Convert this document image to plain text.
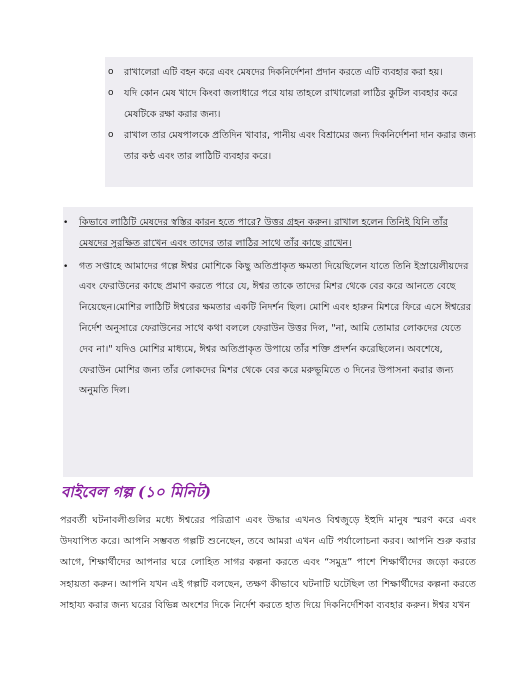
o রাখালেরা এটি বহন করে এবং মেষদের দিকনির্দেশনা প্রদান করতে এটি ব্যবহার করা হয়।
o যদি কোন মেষ খাদে কিংবা জলাধারে পরে যায় তাহলে রাখালেরা লাঠির কুটিল ব্যবহার করে মেষটিকে রক্ষা করার জন্য।
o রাখাল তার মেষপালকে প্রতিদিন খাবার, পানীয় এবং বিশ্রামের জন্য দিকনির্দেশনা দান করার জন্য তার কণ্ঠ এবং তার লাঠিটি ব্যবহার করে।
• কিভাবে লাঠিটি মেষদের স্বস্তির কারন হতে পারে? উত্তর গ্রহন করুন। রাখাল হলেন তিনিই যিনি তাঁর মেষদের সুরক্ষিত রাখেন এবং তাদের তার লাঠির সাথে তাঁর কাছে রাখেন।
• গত সপ্তাহে আমাদের গল্পে ঈশ্বর মোশিকে কিছু অতিপ্রাকৃত ক্ষমতা দিয়েছিলেন যাতে তিনি ইস্রায়েলীয়দের এবং ফেরাউনের কাছে প্রমাণ করতে পারে যে, ঈশ্বর তাকে তাদের মিশর থেকে বের করে আনতে বেছে নিয়েছেন।মোশির লাঠিটি ঈশ্বরের ক্ষমতার একটি নিদর্শন ছিল। মোশি এবং হারুন মিশরে ফিরে এসে ঈশ্বরের নির্দেশ অনুসারে ফেরাউনের সাথে কথা বললে ফেরাউন উত্তর দিল, "না, আমি তোমার লোকদের যেতে দেব না।" যদিও মোশির মাধ্যমে, ঈশ্বর অতিপ্রাকৃত উপায়ে তাঁর শক্তি প্রদর্শন করেছিলেন। অবশেষে, ফেরাউন মোশির জন্য তাঁর লোকদের মিশর থেকে বের করে মরুভূমিতে ৩ দিনের উপাসনা করার জন্য অনুমতি দিল।
বাইবেল গল্প (১০ মিনিট)
পরবর্তী ঘটনাবলীগুলির মধ্যে ঈশ্বরের পরিত্রাণ এবং উদ্ধার এখনও বিশ্বজুড়ে ইহুদি মানুষ স্মরণ করে এবং উদযাপিত করে। আপনি সম্ভবত গল্পটি শুনেছেন, তবে আমরা এখন এটি পর্যালোচনা করব। আপনি শুরু করার আগে, শিক্ষার্থীদের আপনার ঘরে লোহিত সাগর কল্পনা করতে এবং “সমুদ্র” পাশে শিক্ষার্থীদের জড়ো করতে সহায়তা করুন। আপনি যখন এই গল্পটি বলছেন, তক্ষণ কীভাবে ঘটনাটি ঘটেছিল তা শিক্ষার্থীদের কল্পনা করতে সাহায্য করার জন্য ঘরের বিভিন্ন অংশের দিকে নির্দেশ করতে হাত দিয়ে দিকনির্দেশিকা ব্যবহার করুন। ঈশ্বর যখন
